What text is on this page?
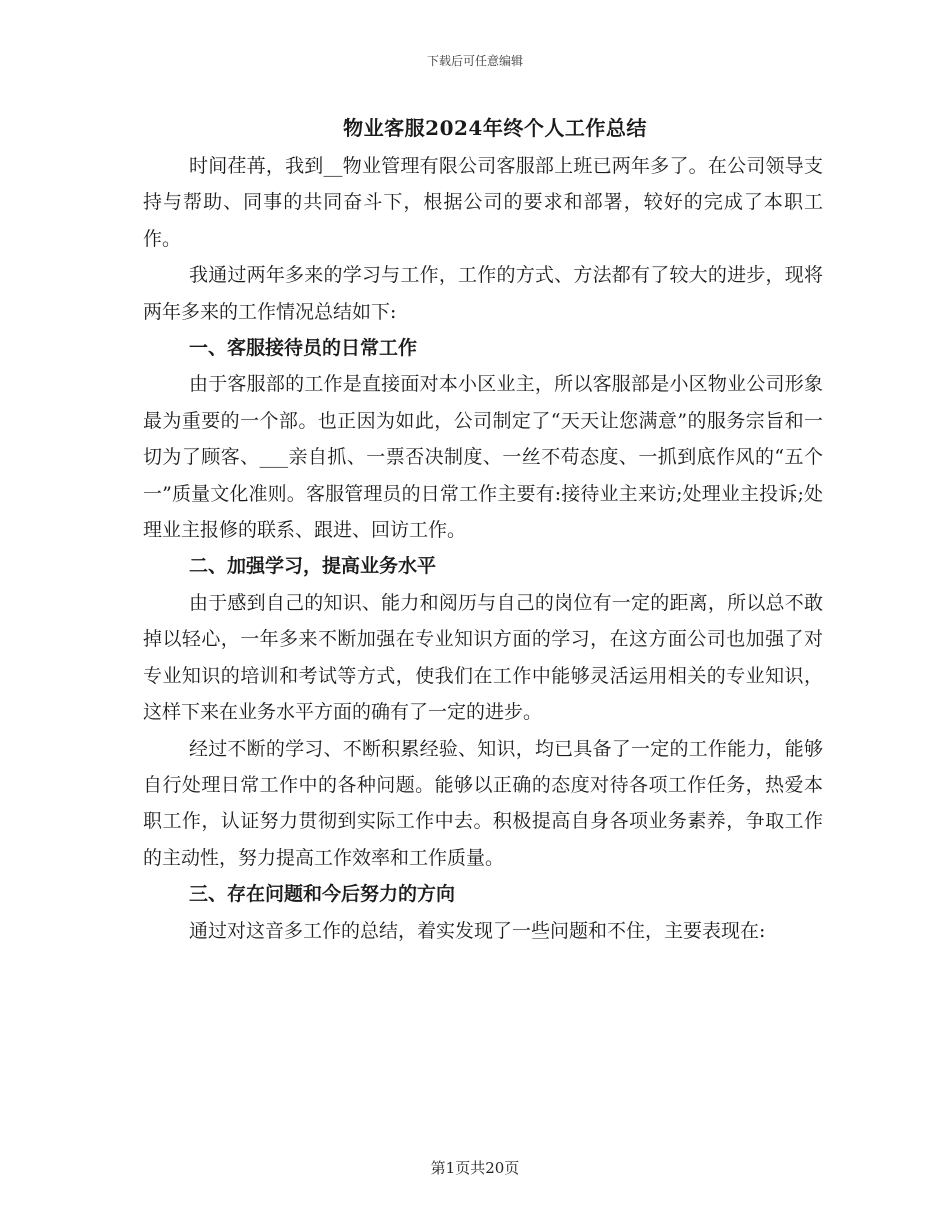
下载后可任意编辑
物业客服2024年终个人工作总结

时间荏苒，我到__物业管理有限公司客服部上班已两年多了。在公司领导支持与帮助、同事的共同奋斗下，根据公司的要求和部署，较好的完成了本职工作。

我通过两年多来的学习与工作，工作的方式、方法都有了较大的进步，现将两年多来的工作情况总结如下:

一、客服接待员的日常工作

由于客服部的工作是直接面对本小区业主，所以客服部是小区物业公司形象最为重要的一个部。也正因为如此，公司制定了“天天让您满意”的服务宗旨和一切为了顾客、___亲自抓、一票否决制度、一丝不苟态度、一抓到底作风的“五个一”质量文化准则。客服管理员的日常工作主要有:接待业主来访;处理业主投诉;处理业主报修的联系、跟进、回访工作。

二、加强学习，提高业务水平

由于感到自己的知识、能力和阅历与自己的岗位有一定的距离，所以总不敢掉以轻心，一年多来不断加强在专业知识方面的学习，在这方面公司也加强了对专业知识的培训和考试等方式，使我们在工作中能够灵活运用相关的专业知识，这样下来在业务水平方面的确有了一定的进步。

经过不断的学习、不断积累经验、知识，均已具备了一定的工作能力，能够自行处理日常工作中的各种问题。能够以正确的态度对待各项工作任务，热爱本职工作，认证努力贯彻到实际工作中去。积极提高自身各项业务素养，争取工作的主动性，努力提高工作效率和工作质量。

三、存在问题和今后努力的方向

通过对这音多工作的总结，着实发现了一些问题和不住，主要表现在:

第1页共20页
